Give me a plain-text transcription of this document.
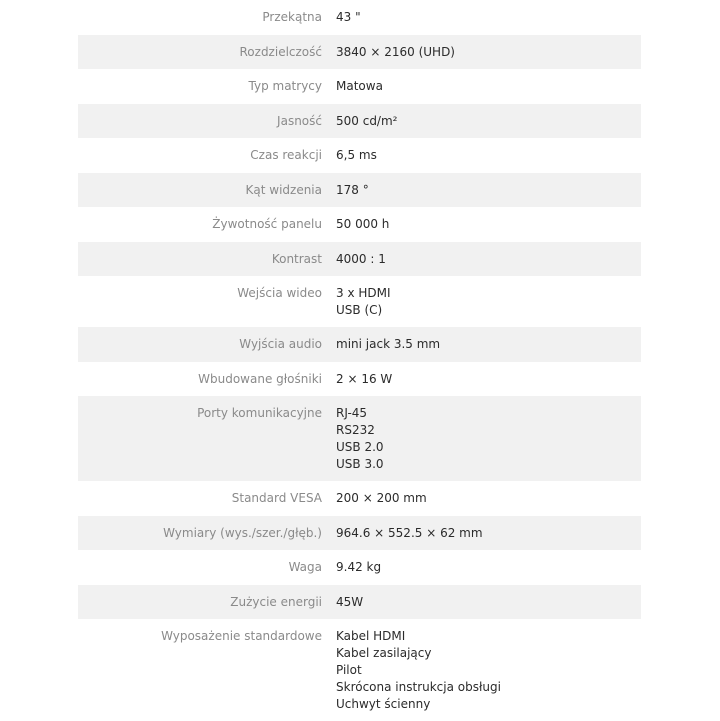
Przekątna 43 "
Rozdzielczość 3840 × 2160 (UHD)
Typ matrycy Matowa
Jasność 500 cd/m²
Czas reakcji 6,5 ms
Kąt widzenia 178 °
Żywotność panelu 50 000 h
Kontrast 4000 : 1
Wejścia wideo 3 x HDMI
USB (C)
Wyjścia audio mini jack 3.5 mm
Wbudowane głośniki 2 × 16 W
Porty komunikacyjne RJ-45
RS232
USB 2.0
USB 3.0
Standard VESA 200 × 200 mm
Wymiary (wys./szer./głęb.) 964.6 × 552.5 × 62 mm
Waga 9.42 kg
Zużycie energii 45W
Wyposażenie standardowe Kabel HDMI
Kabel zasilający
Pilot
Skrócona instrukcja obsługi
Uchwyt ścienny
